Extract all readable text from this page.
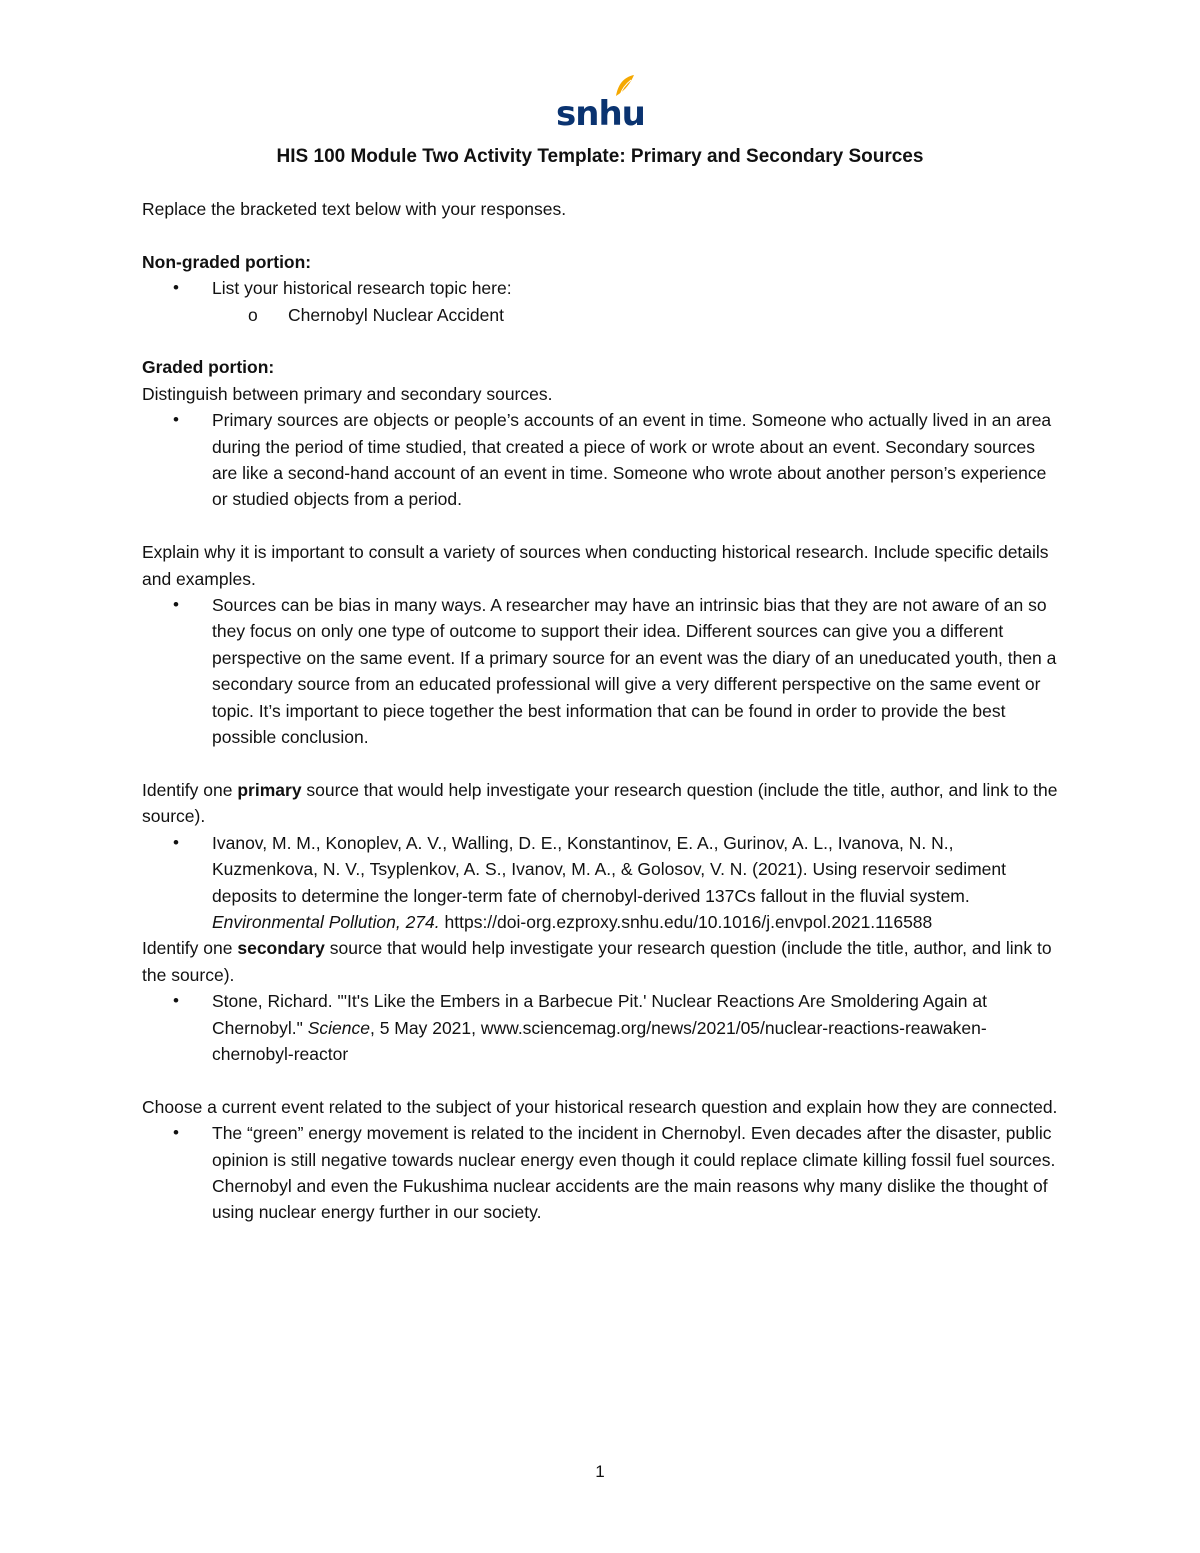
snhu
HIS 100 Module Two Activity Template: Primary and Secondary Sources

Replace the bracketed text below with your responses.

Non-graded portion:

• List your historical research topic here:
o Chernobyl Nuclear Accident

Graded portion:

Distinguish between primary and secondary sources.

• Primary sources are objects or people’s accounts of an event in time. Someone who actually lived in an area during the period of time studied, that created a piece of work or wrote about an event. Secondary sources are like a second-hand account of an event in time. Someone who wrote about another person’s experience or studied objects from a period.

Explain why it is important to consult a variety of sources when conducting historical research. Include specific details and examples.

• Sources can be bias in many ways. A researcher may have an intrinsic bias that they are not aware of an so they focus on only one type of outcome to support their idea. Different sources can give you a different perspective on the same event. If a primary source for an event was the diary of an uneducated youth, then a secondary source from an educated professional will give a very different perspective on the same event or topic. It’s important to piece together the best information that can be found in order to provide the best possible conclusion.

Identify one primary source that would help investigate your research question (include the title, author, and link to the source).

• Ivanov, M. M., Konoplev, A. V., Walling, D. E., Konstantinov, E. A., Gurinov, A. L., Ivanova, N. N., Kuzmenkova, N. V., Tsyplenkov, A. S., Ivanov, M. A., & Golosov, V. N. (2021). Using reservoir sediment deposits to determine the longer-term fate of chernobyl-derived 137Cs fallout in the fluvial system. Environmental Pollution, 274. https://doi-org.ezproxy.snhu.edu/10.1016/j.envpol.2021.116588

Identify one secondary source that would help investigate your research question (include the title, author, and link to the source).

• Stone, Richard. "'It's Like the Embers in a Barbecue Pit.' Nuclear Reactions Are Smoldering Again at Chernobyl." Science, 5 May 2021, www.sciencemag.org/news/2021/05/nuclear-reactions-reawaken-chernobyl-reactor

Choose a current event related to the subject of your historical research question and explain how they are connected.

• The “green” energy movement is related to the incident in Chernobyl. Even decades after the disaster, public opinion is still negative towards nuclear energy even though it could replace climate killing fossil fuel sources. Chernobyl and even the Fukushima nuclear accidents are the main reasons why many dislike the thought of using nuclear energy further in our society.
1
